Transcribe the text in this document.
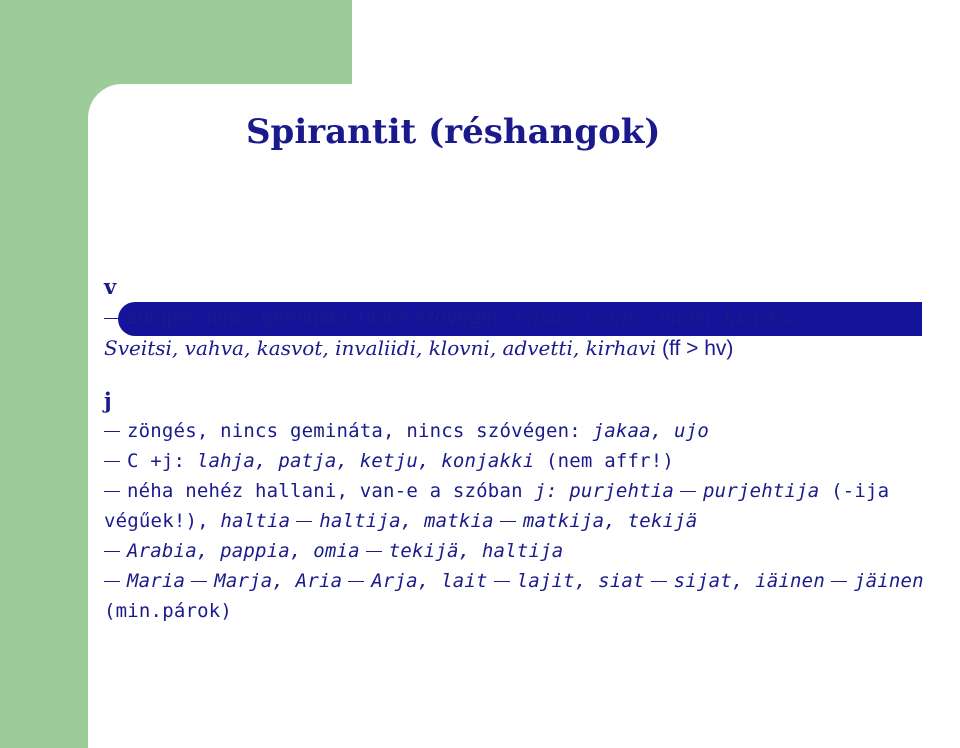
Spirantit (réshangok)

v

zöngés, nincs gemináta, nincs szóvégen: viisas, voima, vuosi, kvartsi,

Sveitsi, vahva, kasvot, invaliidi, klovni, advetti, kirhavi (ff > hv)

j

zöngés, nincs gemináta, nincs szóvégen: jakaa, ujo

C +j: lahja, patja, ketju, konjakki (nem affr!)

néha nehéz hallani, van-e a szóban j: purjehtia purjehtija (-ija

végűek!), haltia haltija, matkia matkija, tekijä

Arabia, pappia, omia tekijä, haltija

Maria Marja, Aria Arja, lait lajit, siat sijat, iäinen jäinen

(min.párok)
